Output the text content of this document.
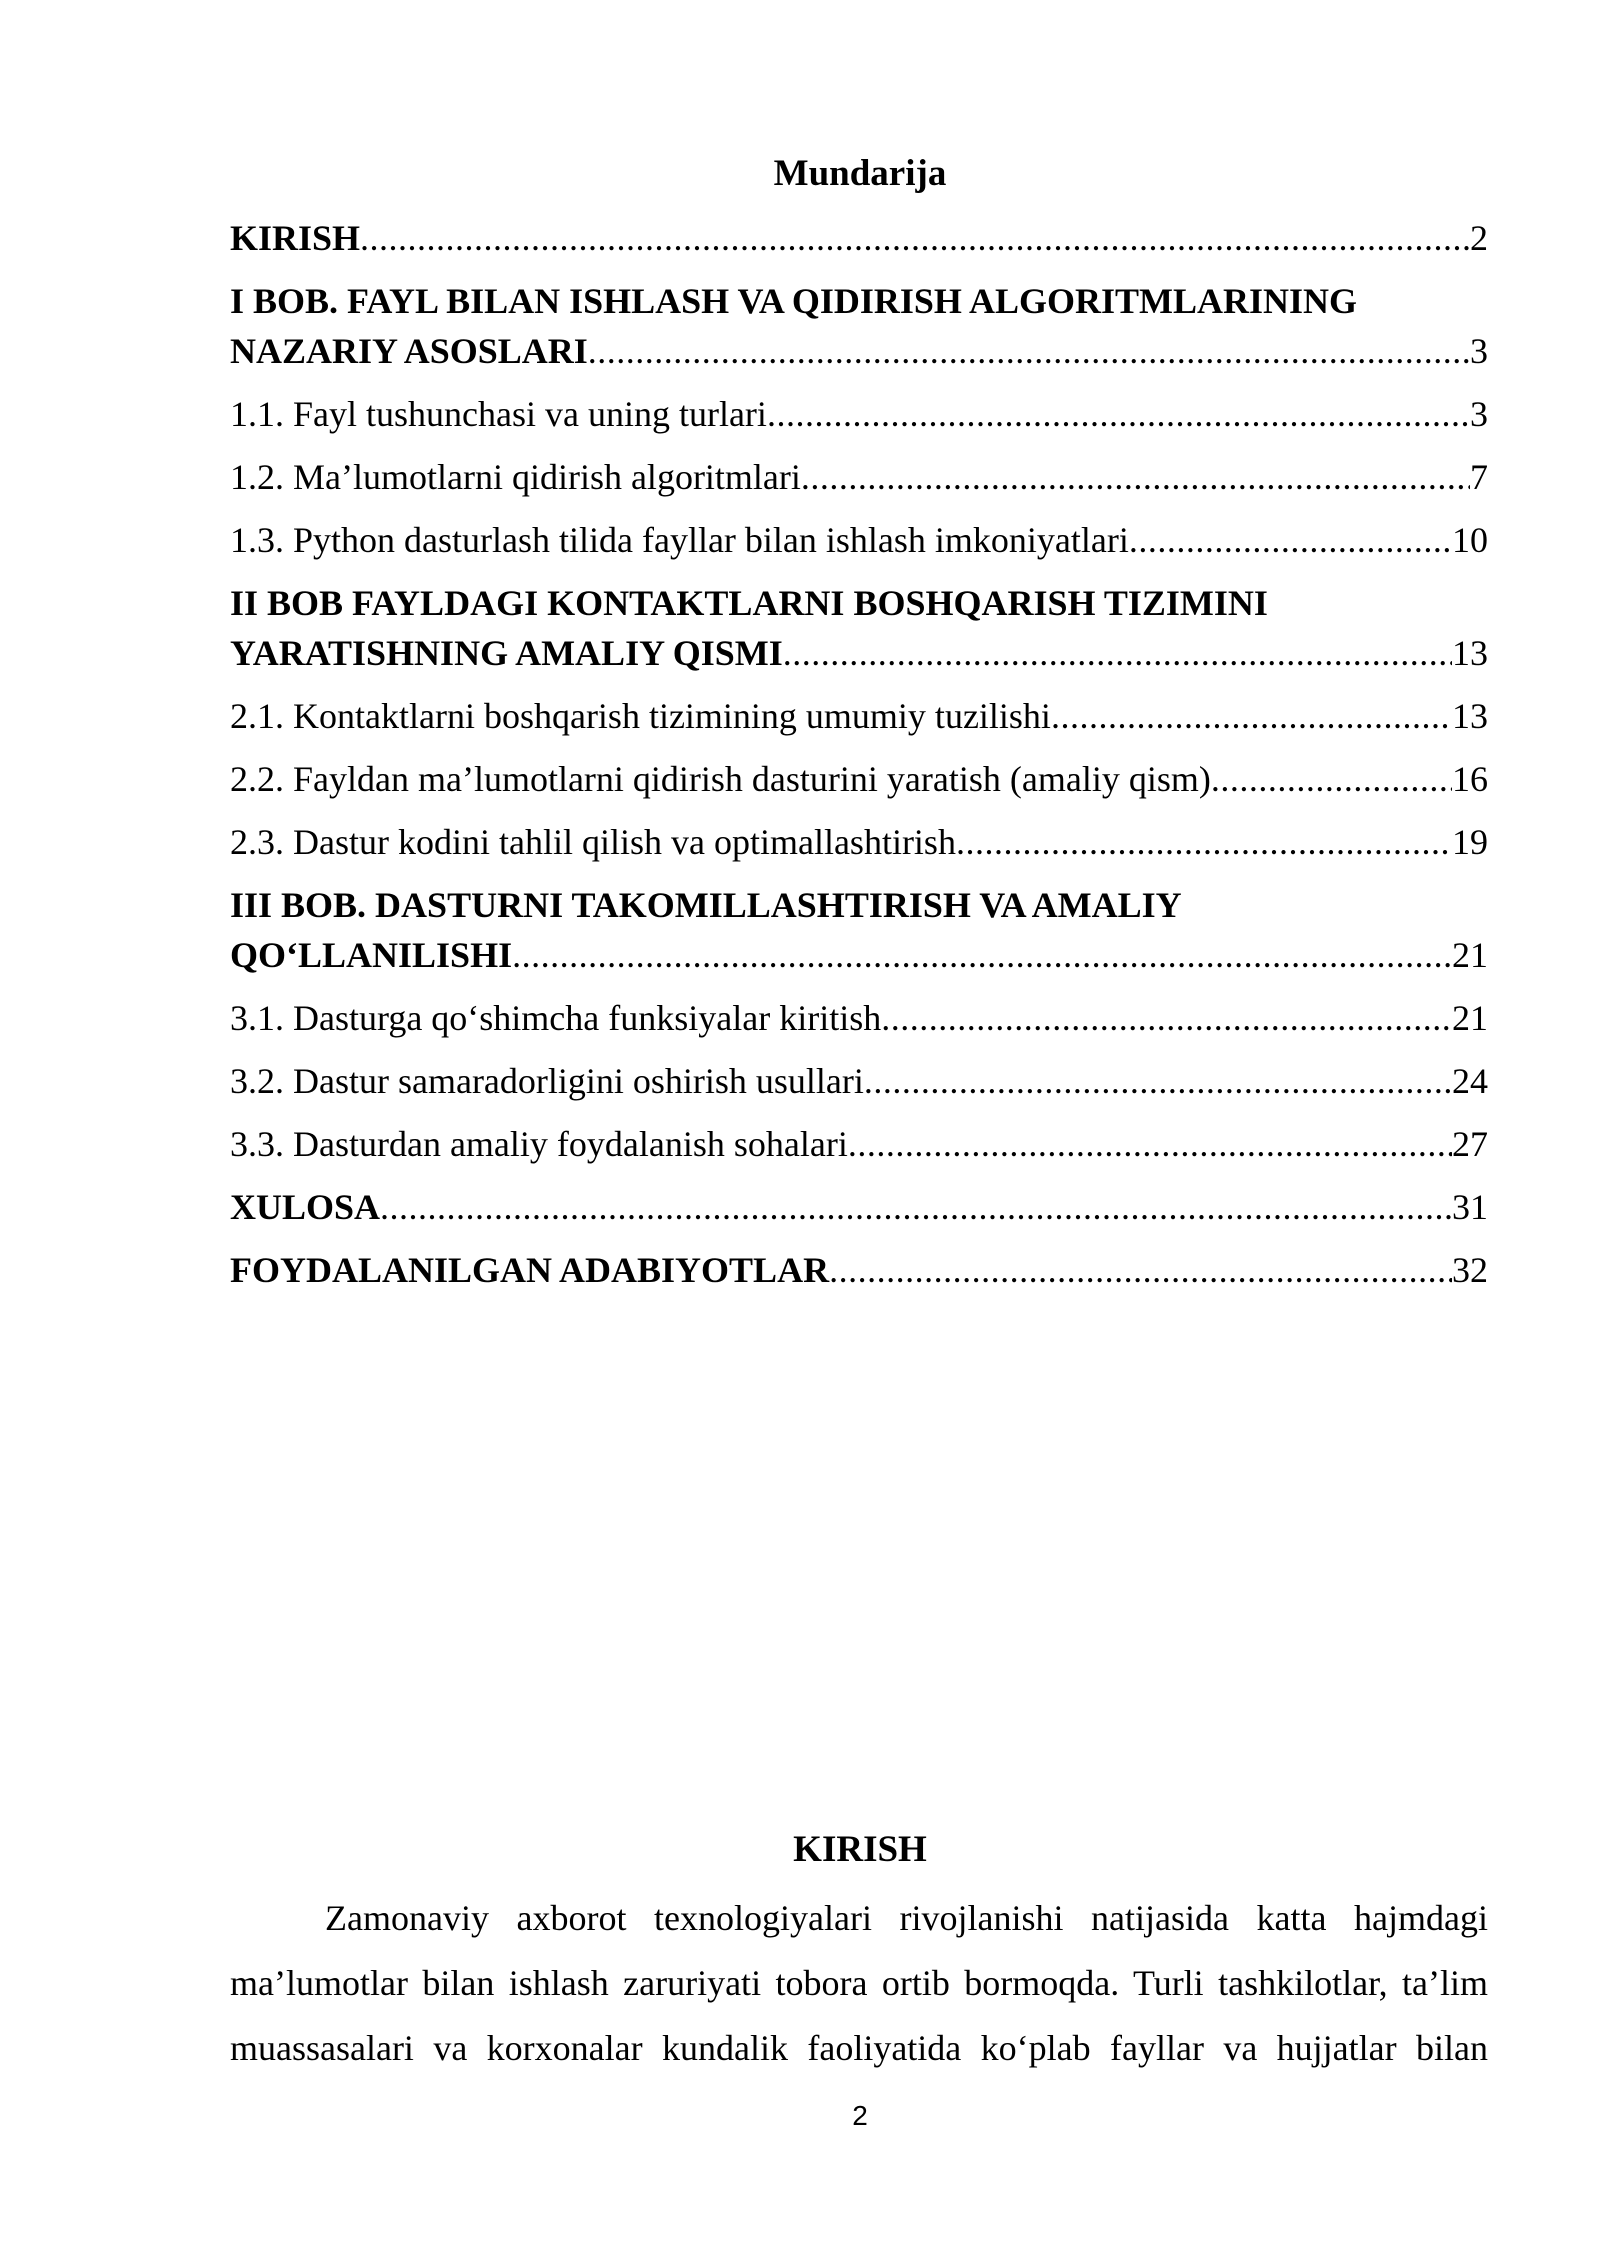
Mundarija
KIRISH .....	2
I BOB. FAYL BILAN ISHLASH VA QIDIRISH ALGORITMLARINING
NAZARIY ASOSLARI .....	3
1.1. Fayl tushunchasi va uning turlari .....	3
1.2. Ma’lumotlarni qidirish algoritmlari .....	7
1.3. Python dasturlash tilida fayllar bilan ishlash imkoniyatlari .....	10
II BOB FAYLDAGI KONTAKTLARNI BOSHQARISH TIZIMINI
YARATISHNING AMALIY QISMI .....	13
2.1. Kontaktlarni boshqarish tizimining umumiy tuzilishi .....	13
2.2. Fayldan ma’lumotlarni qidirish dasturini yaratish (amaliy qism) .....	16
2.3. Dastur kodini tahlil qilish va optimallashtirish .....	19
III BOB. DASTURNI TAKOMILLASHTIRISH VA AMALIY
QO‘LLANILISHI .....	21
3.1. Dasturga qo‘shimcha funksiyalar kiritish .....	21
3.2. Dastur samaradorligini oshirish usullari .....	24
3.3. Dasturdan amaliy foydalanish sohalari .....	27
XULOSA .....	31
FOYDALANILGAN ADABIYOTLAR .....	32
KIRISH
Zamonaviy axborot texnologiyalari rivojlanishi natijasida katta hajmdagi ma’lumotlar bilan ishlash zaruriyati tobora ortib bormoqda. Turli tashkilotlar, ta’lim muassasalari va korxonalar kundalik faoliyatida ko‘plab fayllar va hujjatlar bilan
2
